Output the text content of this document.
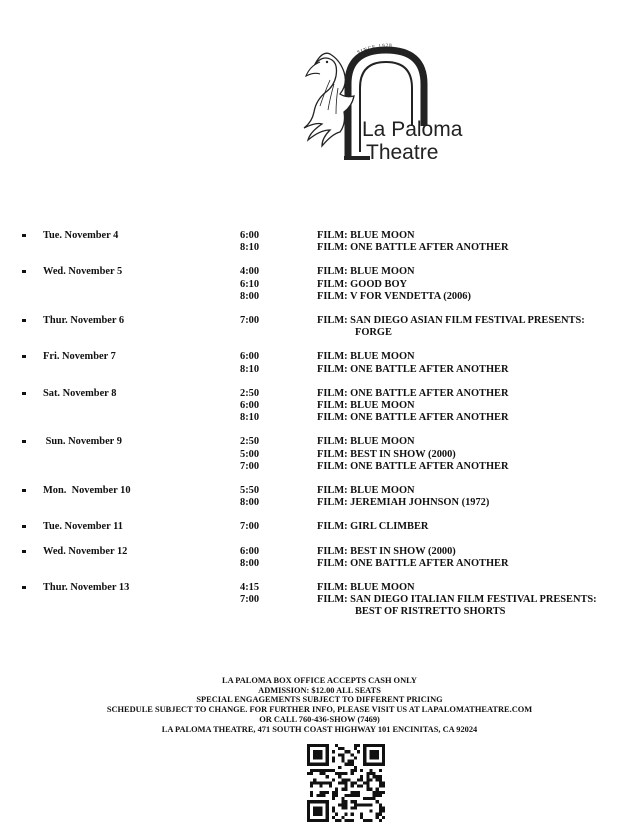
SINCE 1928
La Paloma
Theatre
Tue. November 4	6:00	FILM: BLUE MOON
8:10	FILM: ONE BATTLE AFTER ANOTHER
Wed. November 5	4:00	FILM: BLUE MOON
6:10	FILM: GOOD BOY
8:00	FILM: V FOR VENDETTA (2006)
Thur. November 6	7:00	FILM: SAN DIEGO ASIAN FILM FESTIVAL PRESENTS:
FORGE
Fri. November 7	6:00	FILM: BLUE MOON
8:10	FILM: ONE BATTLE AFTER ANOTHER
Sat. November 8	2:50	FILM: ONE BATTLE AFTER ANOTHER
6:00	FILM: BLUE MOON
8:10	FILM: ONE BATTLE AFTER ANOTHER
Sun. November 9	2:50	FILM: BLUE MOON
5:00	FILM: BEST IN SHOW (2000)
7:00	FILM: ONE BATTLE AFTER ANOTHER
Mon.  November 10	5:50	FILM: BLUE MOON
8:00	FILM: JEREMIAH JOHNSON (1972)
Tue. November 11	7:00	FILM: GIRL CLIMBER
Wed. November 12	6:00	FILM: BEST IN SHOW (2000)
8:00	FILM: ONE BATTLE AFTER ANOTHER
Thur. November 13	4:15	FILM: BLUE MOON
7:00	FILM: SAN DIEGO ITALIAN FILM FESTIVAL PRESENTS:
BEST OF RISTRETTO SHORTS
LA PALOMA BOX OFFICE ACCEPTS CASH ONLY
ADMISSION: $12.00 ALL SEATS
SPECIAL ENGAGEMENTS SUBJECT TO DIFFERENT PRICING
SCHEDULE SUBJECT TO CHANGE. FOR FURTHER INFO, PLEASE VISIT US AT LAPALOMATHEATRE.COM
OR CALL 760-436-SHOW (7469)
LA PALOMA THEATRE, 471 SOUTH COAST HIGHWAY 101 ENCINITAS, CA 92024
